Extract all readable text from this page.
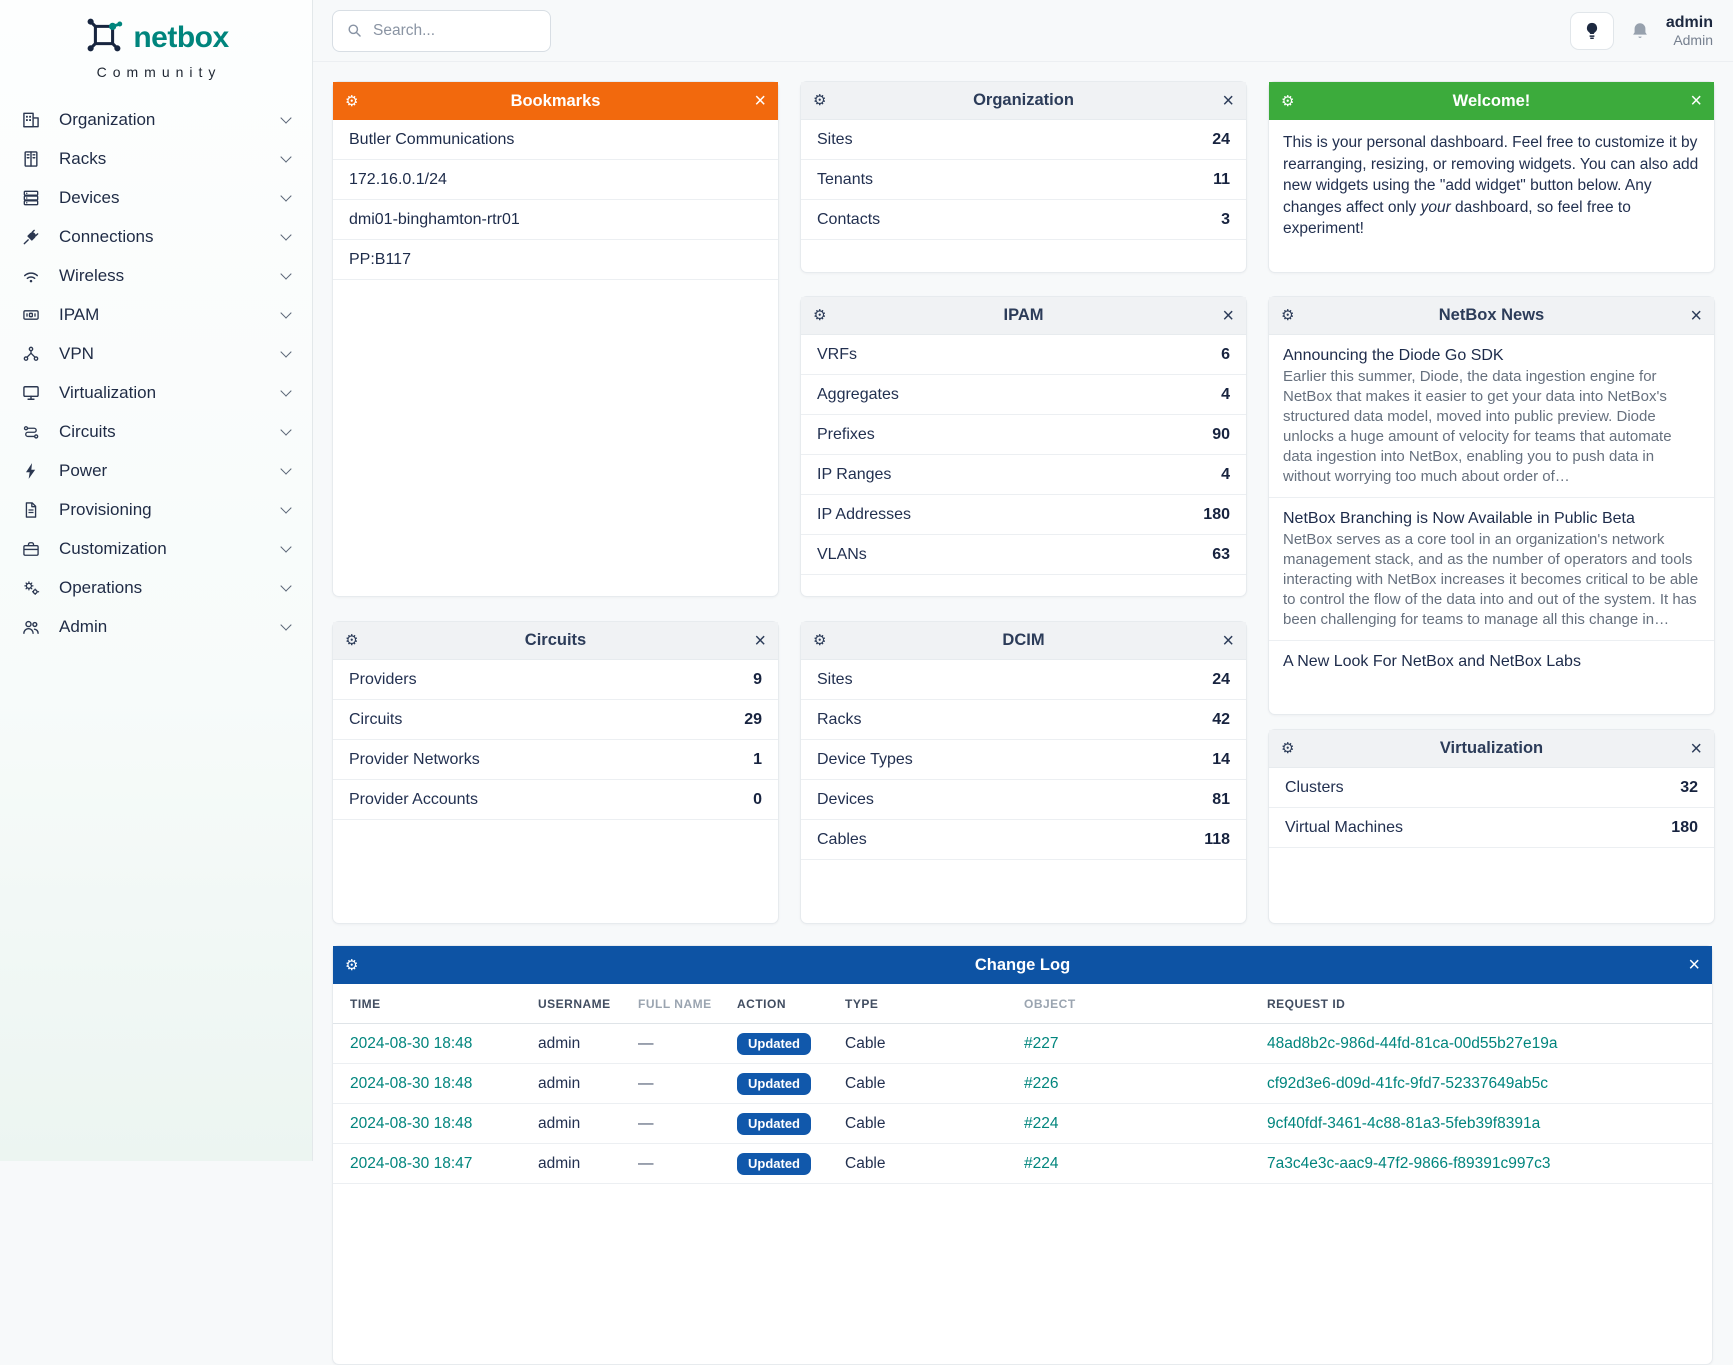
netbox
Community
Organization
Racks
Devices
Connections
Wireless
IPAM
VPN
Virtualization
Circuits
Power
Provisioning
Customization
Operations
Admin
Search...
admin
Admin
⚙	Bookmarks	×
Butler Communications
172.16.0.1/24
dmi01-binghamton-rtr01
PP:B117
⚙	Circuits	×
Providers	9
Circuits	29
Provider Networks	1
Provider Accounts	0
⚙	Organization	×
Sites	24
Tenants	11
Contacts	3
⚙	IPAM	×
VRFs	6
Aggregates	4
Prefixes	90
IP Ranges	4
IP Addresses	180
VLANs	63
⚙	DCIM	×
Sites	24
Racks	42
Device Types	14
Devices	81
Cables	118
⚙	Welcome!	×

This is your personal dashboard. Feel free to customize it by rearranging, resizing, or removing widgets. You can also add new widgets using the "add widget" button below. Any changes affect only your dashboard, so feel free to experiment!

⚙	NetBox News	×
Announcing the Diode Go SDK
Earlier this summer, Diode, the data ingestion engine for NetBox that makes it easier to get your data into NetBox's structured data model, moved into public preview. Diode unlocks a huge amount of velocity for teams that automate data ingestion into NetBox, enabling you to push data in without worrying too much about order of…
NetBox Branching is Now Available in Public Beta
NetBox serves as a core tool in an organization's network management stack, and as the number of operators and tools interacting with NetBox increases it becomes critical to be able to control the flow of the data into and out of the system. It has been challenging for teams to manage all this change in…
A New Look For NetBox and NetBox Labs
⚙	Virtualization	×
Clusters	32
Virtual Machines	180
⚙	Change Log	×
TIME	USERNAME	FULL NAME	ACTION	TYPE	OBJECT	REQUEST ID
2024-08-30 18:48	admin	—	Updated	Cable	#227	48ad8b2c-986d-44fd-81ca-00d55b27e19a
2024-08-30 18:48	admin	—	Updated	Cable	#226	cf92d3e6-d09d-41fc-9fd7-52337649ab5c
2024-08-30 18:48	admin	—	Updated	Cable	#224	9cf40fdf-3461-4c88-81a3-5feb39f8391a
2024-08-30 18:47	admin	—	Updated	Cable	#224	7a3c4e3c-aac9-47f2-9866-f89391c997c3
